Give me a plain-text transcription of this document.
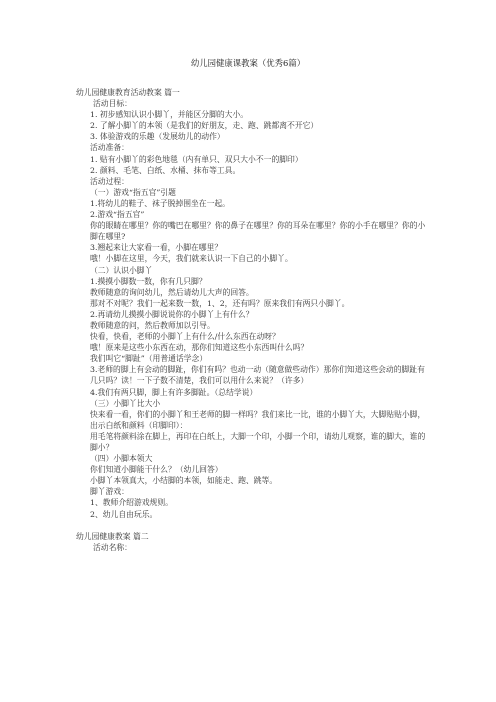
幼儿园健康课教案（优秀6篇）
幼儿园健康教育活动教案 篇一
活动目标：
1. 初步感知认识小脚丫，并能区分脚的大小。
2. 了解小脚丫的本领（是我们的好朋友，走、跑、跳都离不开它）
3. 体验游戏的乐趣（发展幼儿的动作）
活动准备：
1. 贴有小脚丫的彩色地毯（内有单只、双只大小不一的脚印）
2. 颜料、毛笔、白纸、水桶、抹布等工具。
活动过程：
（一）游戏“指五官”引题
1.将幼儿的鞋子、袜子脱掉围坐在一起。
2.游戏“指五官”
你的眼睛在哪里？你的嘴巴在哪里？你的鼻子在哪里？你的耳朵在哪里？你的小手在哪里？你的小脚在哪里?
3.翘起来让大家看一看，小脚在哪里？
哦！小脚在这里，今天，我们就来认识一下自己的小脚丫。
（二）认识小脚丫
1.摸摸小脚数一数，你有几只脚？
教师随意的询问幼儿，然后请幼儿大声的回答。
那对不对呢？我们一起来数一数，1、2，还有吗？原来我们有两只小脚丫。
2.再请幼儿摸摸小脚说说你的小脚丫上有什么？
教师随意的问，然后教师加以引导。
快看，快看，老师的小脚丫上有什么/什么东西在动呀？
哦！原来是这些小东西在动，那你们知道这些小东西叫什么吗？
我们叫它“脚趾”（用普通话学念）
3.老师的脚上有会动的脚趾，你们有吗？也动一动（随意做些动作）那你们知道这些会动的脚趾有几只吗？读！一下子数不清楚，我们可以用什么来说？（许多）
4.我们有两只脚，脚上有许多脚趾。（总结学说）
（三）小脚丫比大小
快来看一看，你们的小脚丫和王老师的脚一样吗？我们来比一比，谁的小脚丫大，大脚贴贴小脚，出示白纸和颜料（印脚印）：
用毛笔将颜料涂在脚上，再印在白纸上，大脚一个印，小脚一个印，请幼儿观察，谁的脚大，谁的脚小？
（四）小脚本领大
你们知道小脚能干什么？（幼儿回答）
小脚丫本领真大，小结脚的本领，如能走、跑、跳等。
脚丫游戏：
1、教师介绍游戏规则。
2、幼儿自由玩乐。
幼儿园健康教案 篇二
活动名称：
